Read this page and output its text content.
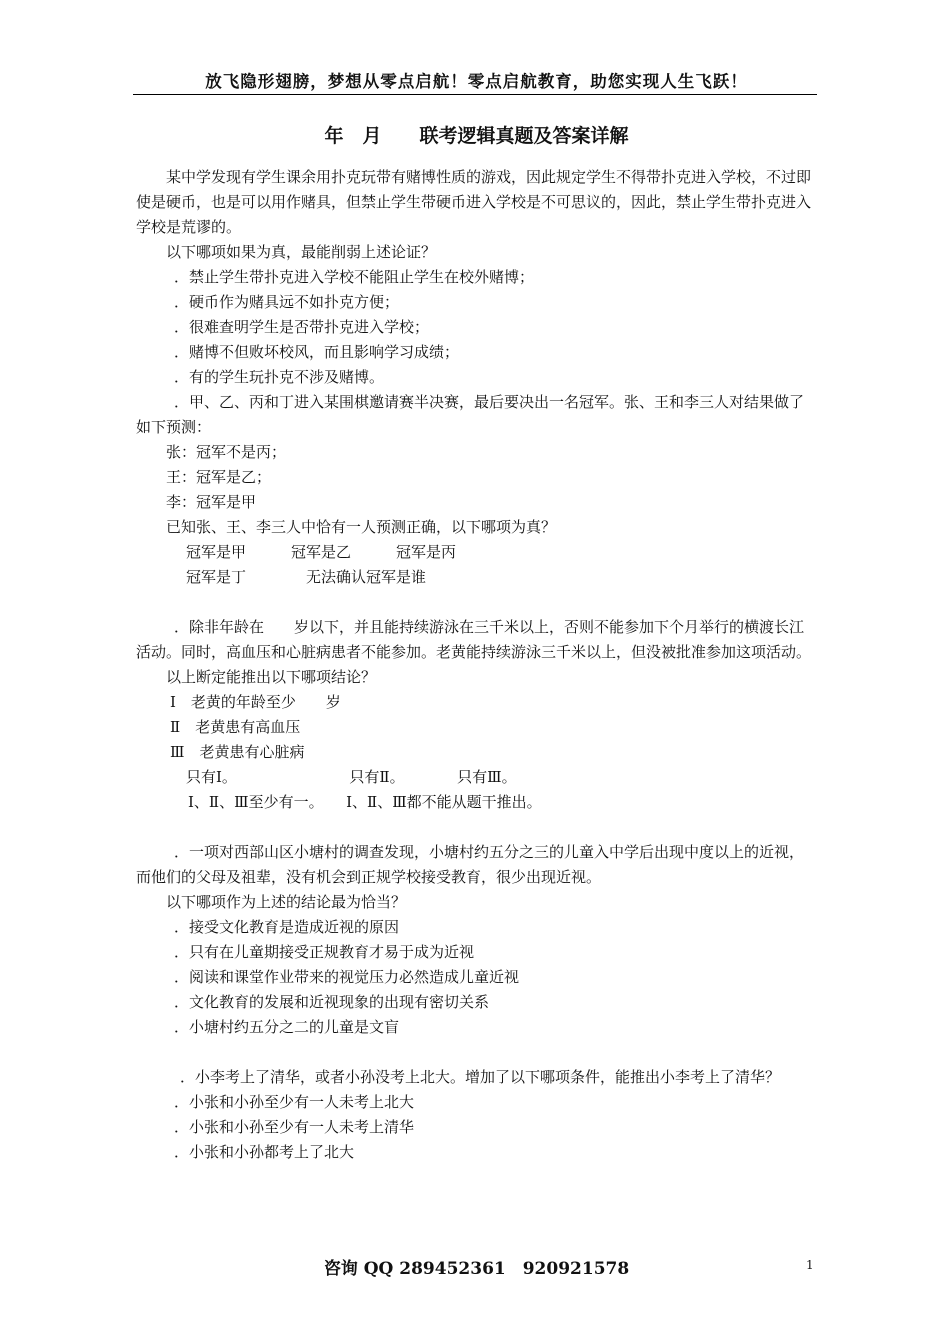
放飞隐形翅膀，梦想从零点启航！零点启航教育，助您实现人生飞跃！
年　月　　联考逻辑真题及答案详解

某中学发现有学生课余用扑克玩带有赌博性质的游戏，因此规定学生不得带扑克进入学校，不过即使是硬币，也是可以用作赌具，但禁止学生带硬币进入学校是不可思议的，因此，禁止学生带扑克进入学校是荒谬的。

以下哪项如果为真，最能削弱上述论证？

．禁止学生带扑克进入学校不能阻止学生在校外赌博；

．硬币作为赌具远不如扑克方便；

．很难查明学生是否带扑克进入学校；

．赌博不但败坏校风，而且影响学习成绩；

．有的学生玩扑克不涉及赌博。

．甲、乙、丙和丁进入某围棋邀请赛半决赛，最后要决出一名冠军。张、王和李三人对结果做了如下预测：

张：冠军不是丙；

王：冠军是乙；

李：冠军是甲

已知张、王、李三人中恰有一人预测正确，以下哪项为真？

冠军是甲　　　冠军是乙　　　冠军是丙

冠军是丁　　　　无法确认冠军是谁

．除非年龄在　　岁以下，并且能持续游泳在三千米以上，否则不能参加下个月举行的横渡长江活动。同时，高血压和心脏病患者不能参加。老黄能持续游泳三千米以上，但没被批准参加这项活动。

以上断定能推出以下哪项结论？

Ⅰ　老黄的年龄至少　　岁

Ⅱ　老黄患有高血压

Ⅲ　老黄患有心脏病

只有Ⅰ。　　　　　　　　只有Ⅱ。　　　　只有Ⅲ。

Ⅰ、Ⅱ、Ⅲ至少有一。　　Ⅰ、Ⅱ、Ⅲ都不能从题干推出。

．一项对西部山区小塘村的调查发现，小塘村约五分之三的儿童入中学后出现中度以上的近视，而他们的父母及祖辈，没有机会到正规学校接受教育，很少出现近视。

以下哪项作为上述的结论最为恰当？

．接受文化教育是造成近视的原因

．只有在儿童期接受正规教育才易于成为近视

．阅读和课堂作业带来的视觉压力必然造成儿童近视

．文化教育的发展和近视现象的出现有密切关系

．小塘村约五分之二的儿童是文盲

．小李考上了清华，或者小孙没考上北大。增加了以下哪项条件，能推出小李考上了清华？

．小张和小孙至少有一人未考上北大

．小张和小孙至少有一人未考上清华

．小张和小孙都考上了北大

咨询 QQ 289452361　920921578	1
